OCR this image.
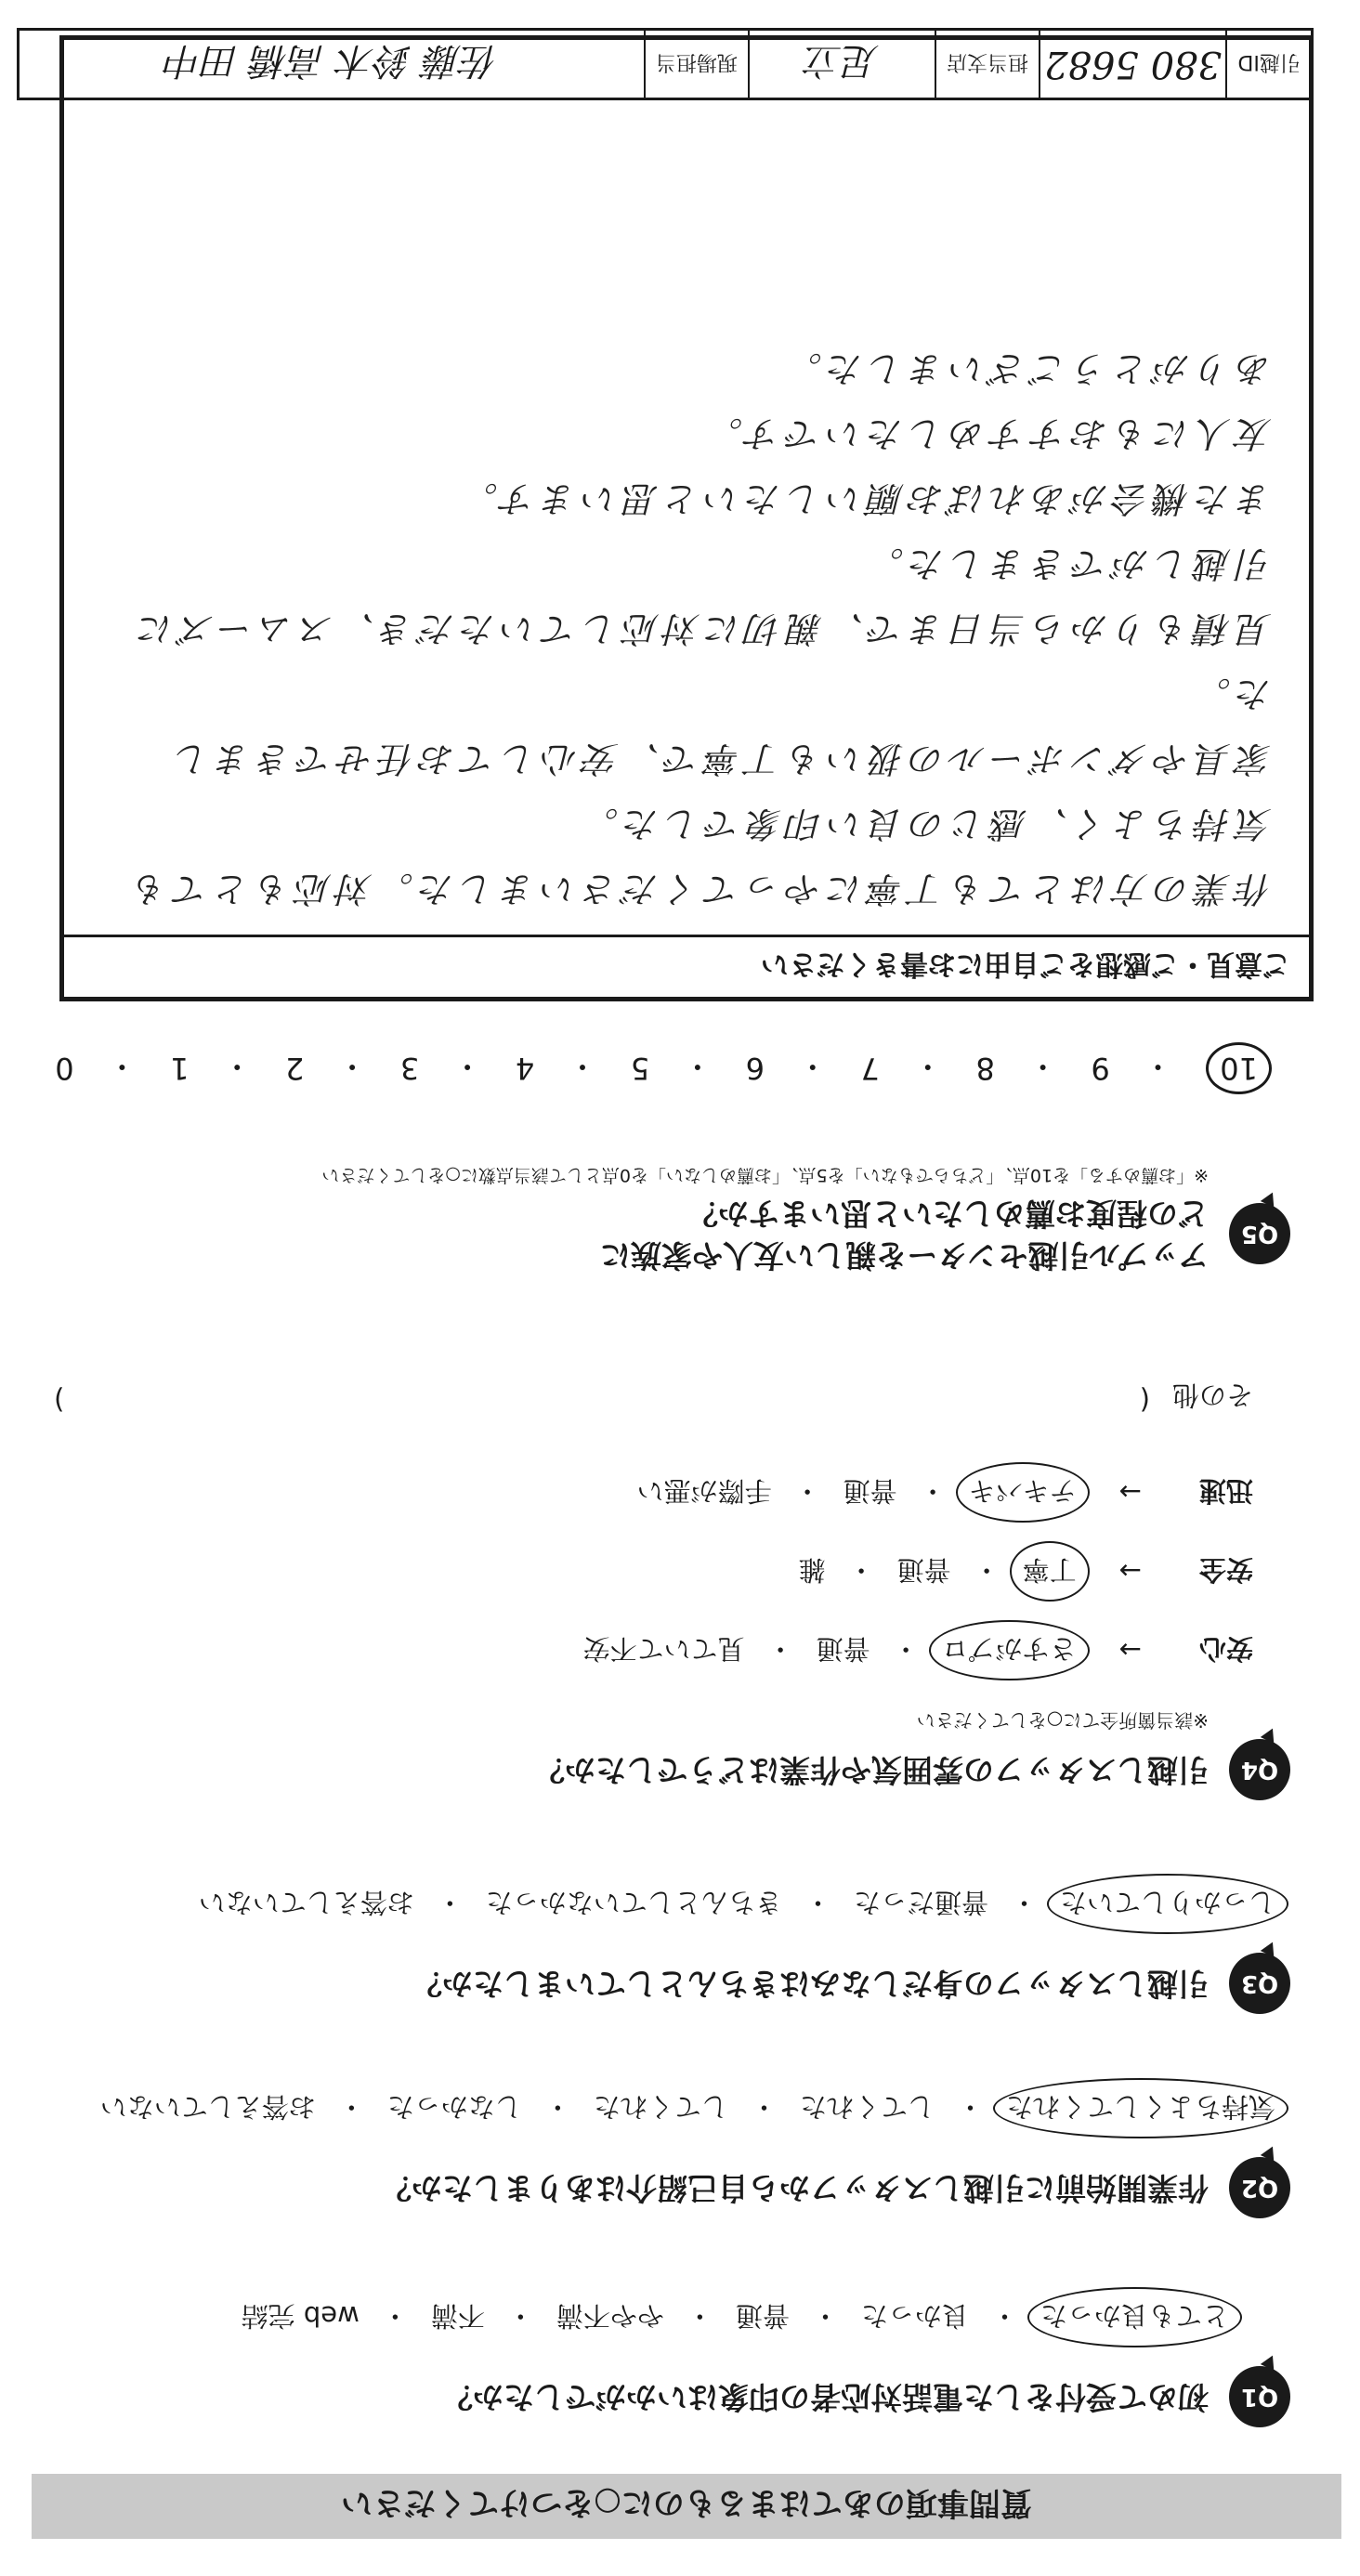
質問事項のあてはまるものに○をつけてください
Q1
初めて受付をした電話対応者の印象はいかがでしたか？
とても良かった
・
良かった
・
普通
・
やや不満
・
不満
・
web 完結
Q2
作業開始前に引越しスタッフから自己紹介はありましたか？
気持ちよくしてくれた
・
してくれた
・
してくれた
・
しなかった
・
お答えしていない
Q3
引越しスタッフの身だしなみはきちんとしていましたか？
しっかりしていた
・
普通だった
・
きちんとしていなかった
・
お答えしていない
Q4
引越しスタッフの雰囲気や作業はどうでしたか？
※該当箇所全てに○をしてください
安心
→
さすがプロ
・
普通
・
見ていて不安
安全
→
丁寧
・
普通
・
雑
迅速
→
テキパキ
・
普通
・
手際が悪い
その他
(
)
Q5
アップル引越センターを親しい友人や家族に
どの程度お薦めしたいと思いますか？
※「お薦めする」を10点、「どちらでもない」を5点、「お薦めしない」を0点として該当点数に○をしてください
10
・
9
・
8
・
7
・
6
・
5
・
4
・
3
・
2
・
1
・
0
ご意見・ご感想をご自由にお書きください
作業の方はとても丁寧にやってくださいました。対応もとても気持ちよく、感じの良い印象でした。
家具やダンボールの扱いも丁寧で、安心してお任せできました。
見積もりから当日まで、親切に対応していただき、スムーズに引越しができました。
また機会があればお願いしたいと思います。
友人にもおすすめしたいです。
ありがとうございました。
引越ID
380 5682
担当支店
足立
現場担当
佐藤 鈴木 高橋 田中
